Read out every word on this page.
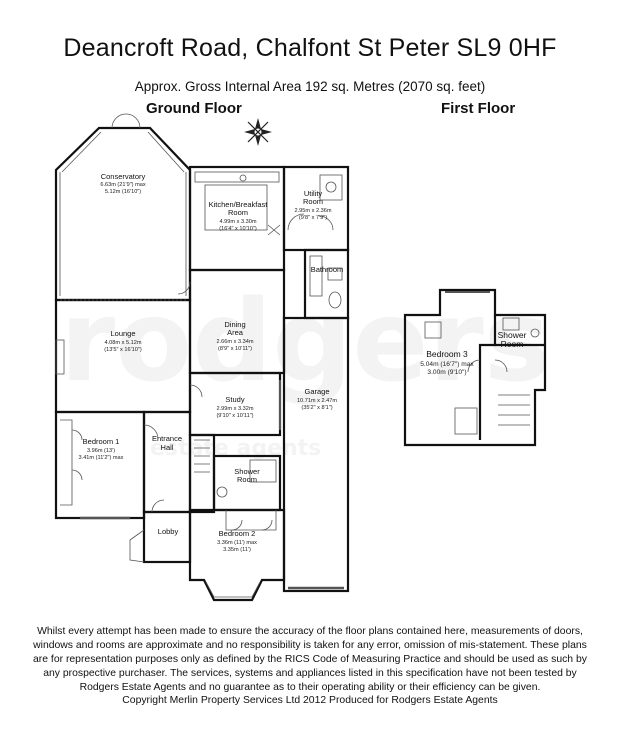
Deancroft Road, Chalfont St Peter SL9 0HF
Approx. Gross Internal Area 192 sq. Metres (2070 sq. feet)
Ground Floor	First Floor
Conservatory
6.63m (21'9") max
5.12m (16'10")
Kitchen/Breakfast
Room
4.99m x 3.30m
(16'4" x 10'10")
Utility
Room
2.95m x 2.36m
(9'8" x 7'9")
Bathroom
Lounge
4.08m x 5.12m
(13'5" x 16'10")
Dining
Area
2.66m x 3.34m
(8'9" x 10'11")
Study
2.99m x 3.32m
(9'10" x 10'11")
Garage
10.71m x 2.47m
(35'2" x 8'1")
Bedroom 1
3.96m (13')
3.41m (11'2") max
Entrance
Hall
Shower
Room
Lobby	Bedroom 2
3.36m (11') max
3.35m (11')
Bedroom 3
5.04m (16'7") max
3.00m (9'10")
Shower
Room
Whilst every attempt has been made to ensure the accuracy of the floor plans contained here, measurements of doors, windows and rooms are approximate and no responsibility is taken for any error, omission of mis-statement. These plans are for representation purposes only as defined by the RICS Code of Measuring Practice and should be used as such by any prospective purchaser. The services, systems and appliances listed in this specification have not been tested by Rodgers Estate Agents and no guarantee as to their operating ability or their efficiency can be given.
Copyright Merlin Property Services Ltd 2012 Produced for Rodgers Estate Agents
